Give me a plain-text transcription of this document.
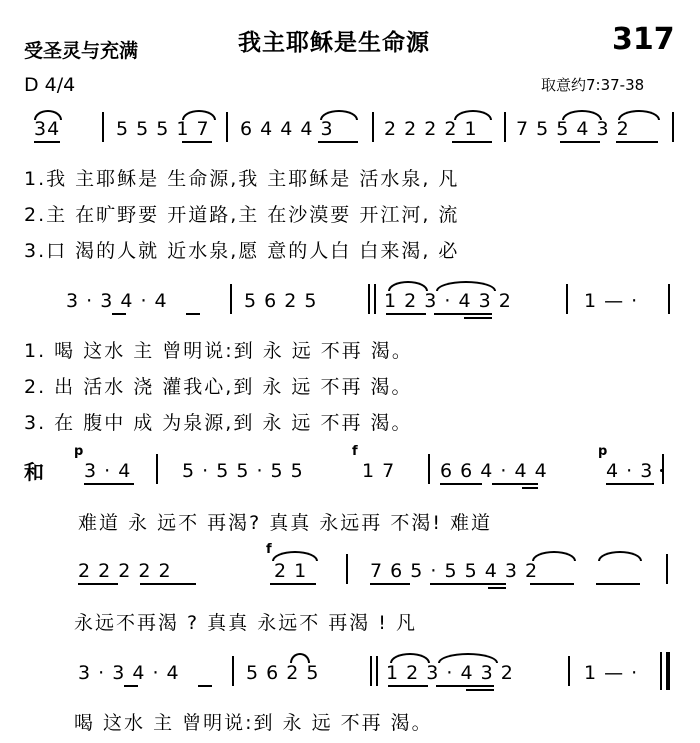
受圣灵与充满	我主耶稣是生命源	317
D 4/4	取意约7:37-38
34	5 5 5 1 7 6 4 4 4 3	2 2 2 2 1 7 5 5 4 3 2
1.我 主耶稣是 生命源,我 主耶稣是 活水泉, 凡
2.主 在旷野要 开道路,主 在沙漠要 开江河, 流
3.口 渴的人就 近水泉,愿 意的人白 白来渴, 必
3 · 3 4 · 4	5 6 2 5	1 2 3 · 4 3 2	1 — ·
1. 喝 这水 主 曾明说:到 永 远 不再 渴。
2. 出 活水 浇 灌我心,到 永 远 不再 渴。
3. 在 腹中 成 为泉源,到 永 远 不再 渴。
和
p
3 · 4	5 · 5 5 · 5 5
f
1 7 6 6 4 · 4 4
p
4 · 3
难道 永 远不 再渴? 真真 永远再 不渴! 难道
2 2 2 2 2
f
2 1	7 6 5 · 5 5 4 3 2
永远不再渴 ? 真真 永远不 再渴 ! 凡
3 · 3 4 · 4	5 6 2 5	1 2 3 · 4 3 2	1 — ·
喝 这水 主 曾明说:到 永 远 不再 渴。
